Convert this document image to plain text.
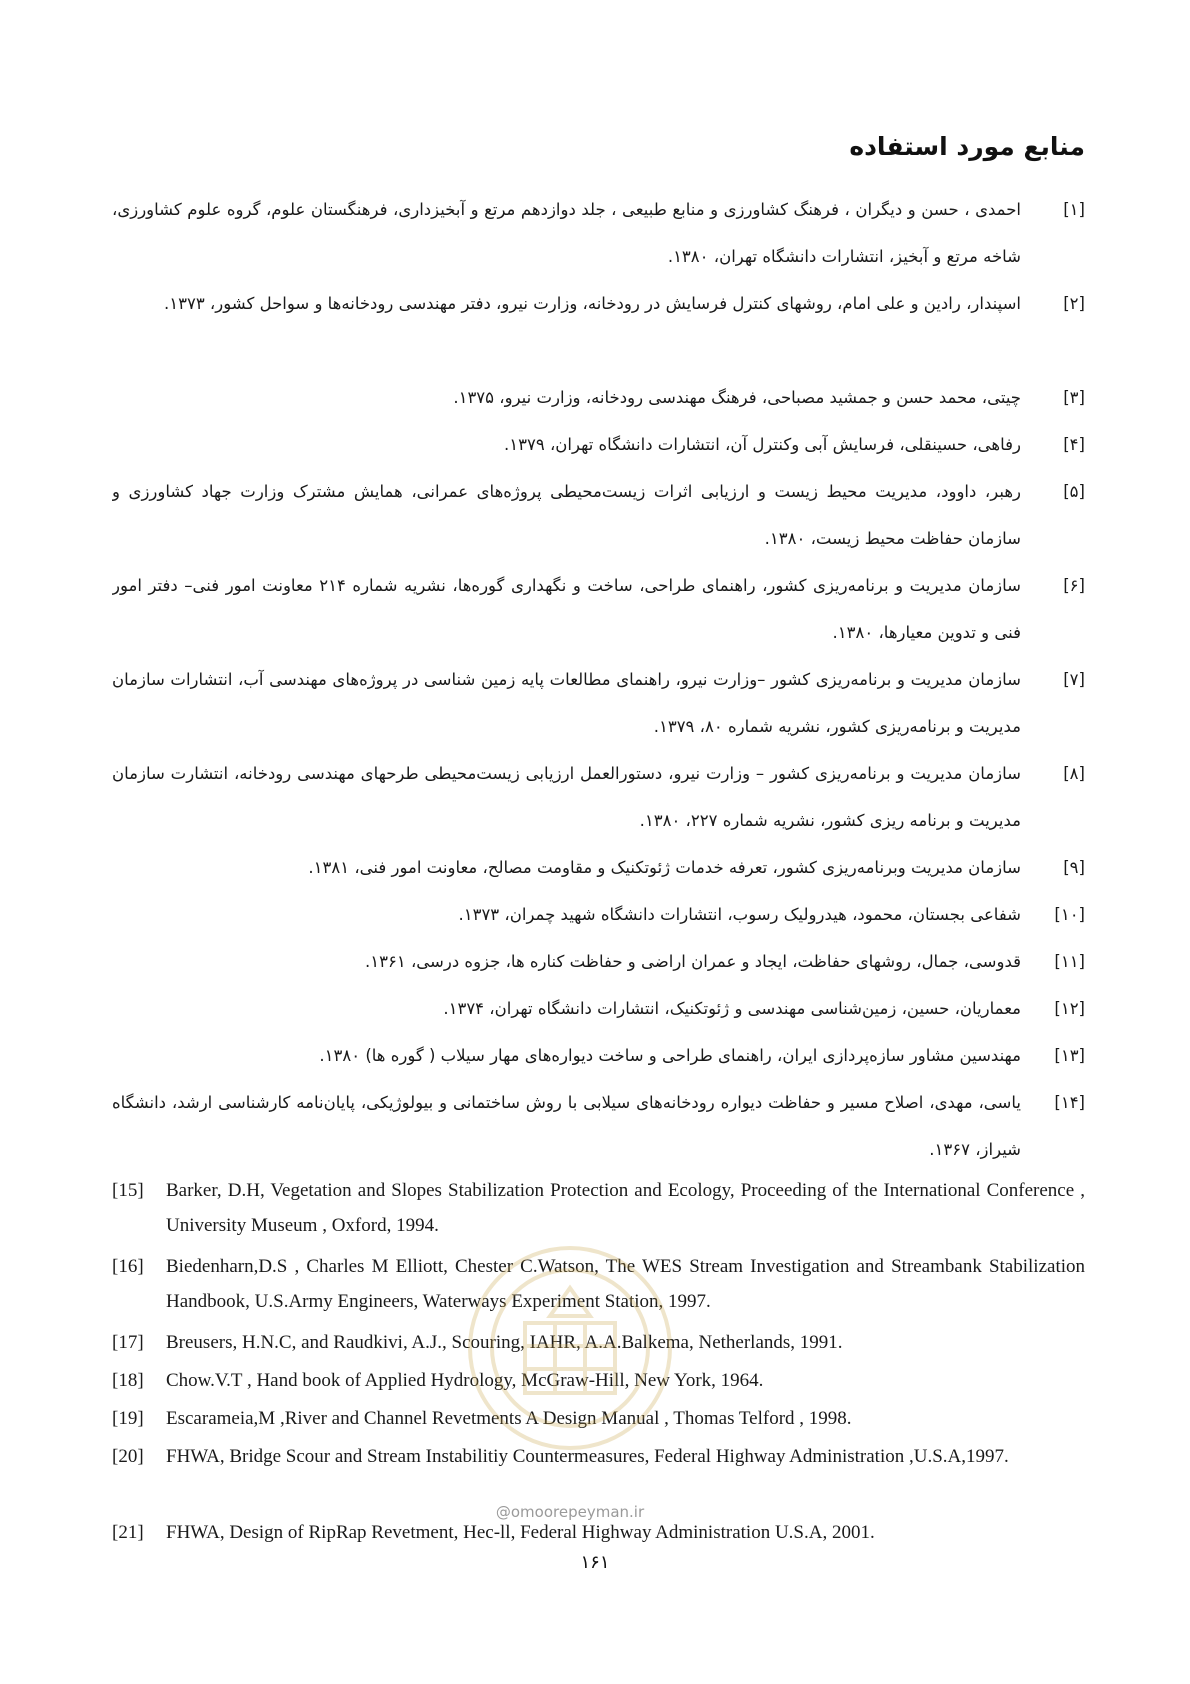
منابع مورد استفاده
[۱]
احمدی ، حسن و دیگران ، فرهنگ کشاورزی و منابع طبیعی ، جلد دوازدهم مرتع و آبخیزداری، فرهنگستان علوم، گروه علوم کشاورزی، شاخه مرتع و آبخیز، انتشارات دانشگاه تهران، ۱۳۸۰.
[۲]
اسپندار، رادین و علی امام، روشهای کنترل فرسایش در رودخانه، وزارت نیرو، دفتر مهندسی رودخانه‌ها و سواحل کشور، ۱۳۷۳.
[۳]
چیتی، محمد حسن و جمشید مصباحی، فرهنگ مهندسی رودخانه، وزارت نیرو، ۱۳۷۵.
[۴]
رفاهی، حسینقلی، فرسایش آبی وکنترل آن، انتشارات دانشگاه تهران، ۱۳۷۹.
[۵]
رهبر، داوود، مدیریت محیط زیست و ارزیابی اثرات زیست‌محیطی پروژه‌های عمرانی، همایش مشترک وزارت جهاد کشاورزی و سازمان حفاظت محیط زیست، ۱۳۸۰.
[۶]
سازمان مدیریت و برنامه‌ریزی کشور، راهنمای طراحی، ساخت و نگهداری گوره‌ها، نشریه شماره ۲۱۴ معاونت امور فنی– دفتر امور فنی و تدوین معیارها، ۱۳۸۰.
[۷]
سازمان مدیریت و برنامه‌ریزی کشور –وزارت نیرو، راهنمای مطالعات پایه زمین شناسی در پروژه‌های مهندسی آب، انتشارات سازمان مدیریت و برنامه‌ریزی کشور، نشریه شماره ۸۰، ۱۳۷۹.
[۸]
سازمان مدیریت و برنامه‌ریزی کشور – وزارت نیرو، دستورالعمل ارزیابی زیست‌محیطی طرحهای مهندسی رودخانه، انتشارت سازمان مدیریت و برنامه ریزی کشور، نشریه شماره ۲۲۷، ۱۳۸۰.
[۹]
سازمان مدیریت وبرنامه‌ریزی کشور، تعرفه خدمات ژئوتکنیک و مقاومت مصالح، معاونت امور فنی، ۱۳۸۱.
[۱۰]
شفاعی بجستان، محمود، هیدرولیک رسوب، انتشارات دانشگاه شهید چمران، ۱۳۷۳.
[۱۱]
قدوسی، جمال، روشهای حفاظت، ایجاد و عمران اراضی و حفاظت کناره ها، جزوه درسی، ۱۳۶۱.
[۱۲]
معماریان، حسین، زمین‌شناسی مهندسی و ژئوتکنیک، انتشارات دانشگاه تهران، ۱۳۷۴.
[۱۳]
مهندسین مشاور سازه‌پردازی ایران، راهنمای طراحی و ساخت دیواره‌های مهار سیلاب ( گوره ها) ۱۳۸۰.
[۱۴]
یاسی، مهدی، اصلاح مسیر و حفاظت دیواره رودخانه‌های سیلابی با روش ساختمانی و بیولوژیکی، پایان‌نامه کارشناسی ارشد، دانشگاه شیراز، ۱۳۶۷.
[15]	Barker, D.H, Vegetation and Slopes Stabilization Protection and Ecology, Proceeding of the International Conference , University Museum , Oxford, 1994.
[16]	Biedenharn,D.S , Charles M Elliott, Chester C.Watson, The WES Stream Investigation and Streambank Stabilization Handbook, U.S.Army Engineers, Waterways Experiment Station, 1997.
[17]	Breusers, H.N.C, and Raudkivi, A.J., Scouring, IAHR, A.A.Balkema, Netherlands, 1991.
[18]	Chow.V.T , Hand book of Applied Hydrology, McGraw-Hill, New York, 1964.
[19]	Escarameia,M ,River and Channel Revetments A Design Manual , Thomas Telford , 1998.
[20]	FHWA, Bridge Scour and Stream Instabilitiy Countermeasures, Federal Highway Administration ,U.S.A,1997.
[21]	FHWA, Design of RipRap Revetment, Hec-ll, Federal Highway Administration U.S.A, 2001.
@omoorepeyman.ir
۱۶۱
